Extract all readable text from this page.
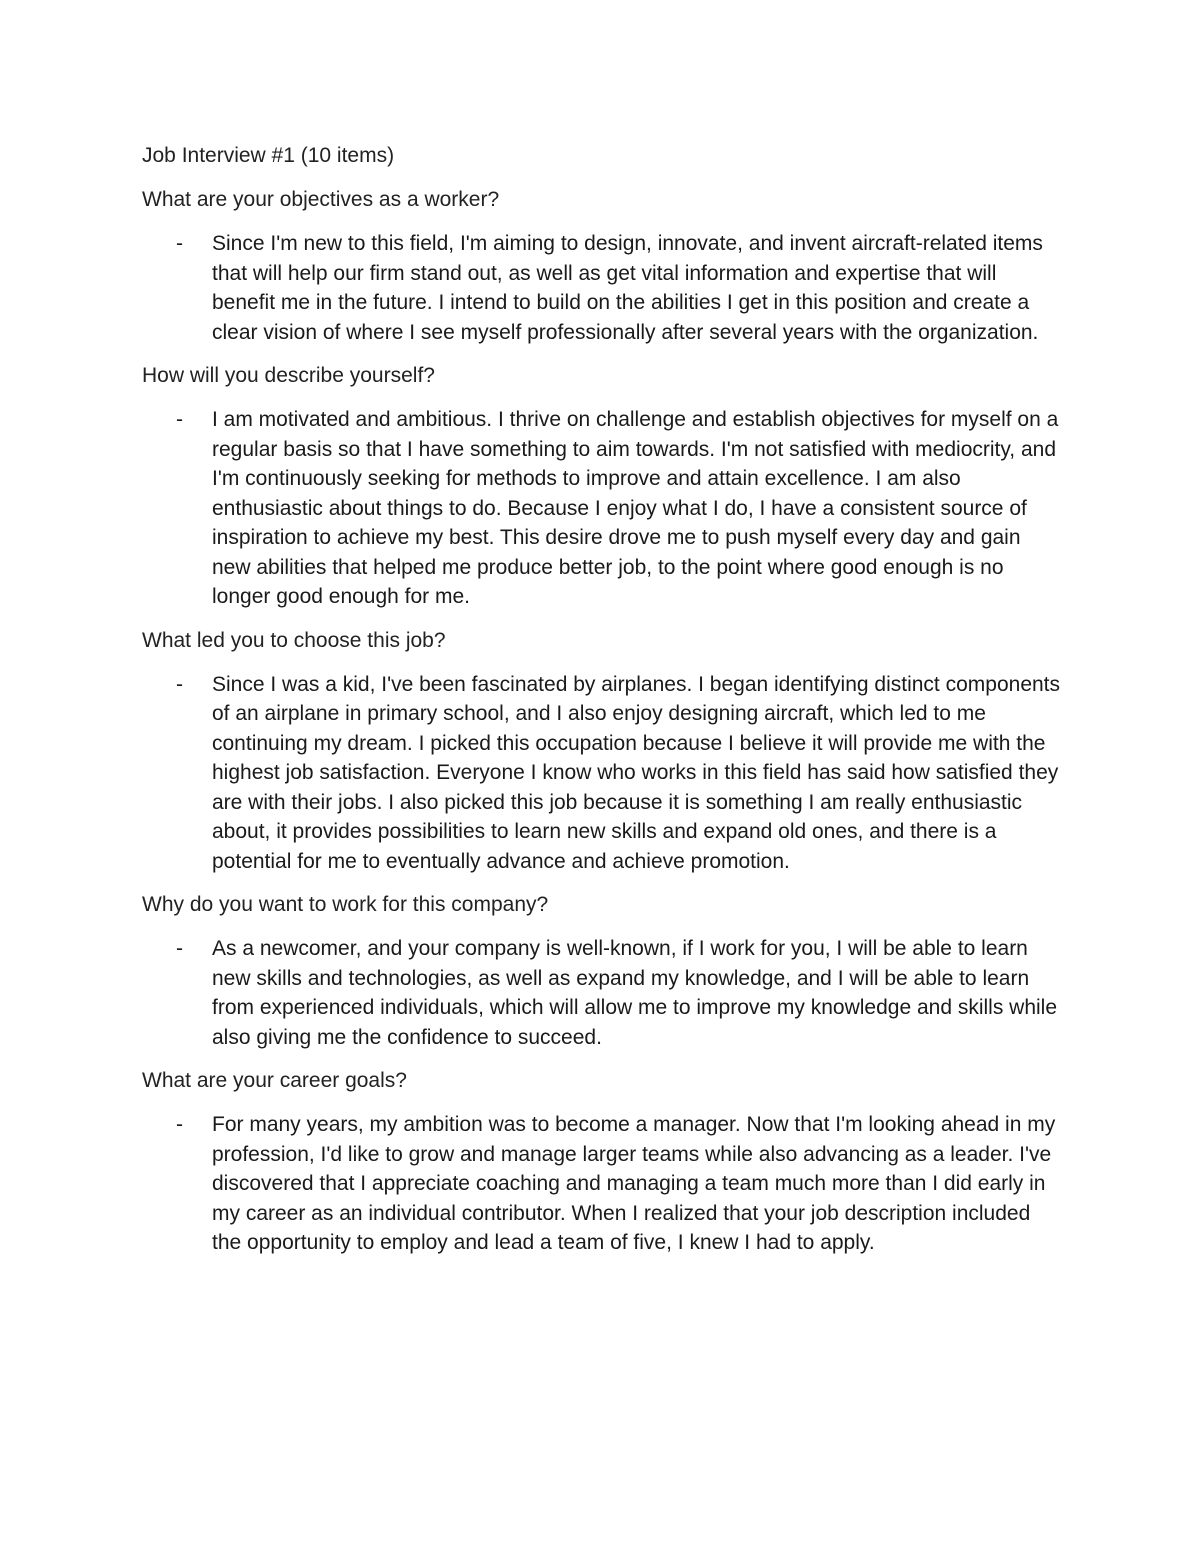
Job Interview #1 (10 items)
What are your objectives as a worker?
- Since I'm new to this field, I'm aiming to design, innovate, and invent aircraft-related items that will help our firm stand out, as well as get vital information and expertise that will benefit me in the future. I intend to build on the abilities I get in this position and create a clear vision of where I see myself professionally after several years with the organization.
How will you describe yourself?
- I am motivated and ambitious. I thrive on challenge and establish objectives for myself on a regular basis so that I have something to aim towards. I'm not satisfied with mediocrity, and I'm continuously seeking for methods to improve and attain excellence. I am also enthusiastic about things to do. Because I enjoy what I do, I have a consistent source of inspiration to achieve my best. This desire drove me to push myself every day and gain new abilities that helped me produce better job, to the point where good enough is no longer good enough for me.
What led you to choose this job?
- Since I was a kid, I've been fascinated by airplanes. I began identifying distinct components of an airplane in primary school, and I also enjoy designing aircraft, which led to me continuing my dream. I picked this occupation because I believe it will provide me with the highest job satisfaction. Everyone I know who works in this field has said how satisfied they are with their jobs. I also picked this job because it is something I am really enthusiastic about, it provides possibilities to learn new skills and expand old ones, and there is a potential for me to eventually advance and achieve promotion.
Why do you want to work for this company?
- As a newcomer, and your company is well-known, if I work for you, I will be able to learn new skills and technologies, as well as expand my knowledge, and I will be able to learn from experienced individuals, which will allow me to improve my knowledge and skills while also giving me the confidence to succeed.
What are your career goals?
- For many years, my ambition was to become a manager. Now that I'm looking ahead in my profession, I'd like to grow and manage larger teams while also advancing as a leader. I've discovered that I appreciate coaching and managing a team much more than I did early in my career as an individual contributor. When I realized that your job description included the opportunity to employ and lead a team of five, I knew I had to apply.
